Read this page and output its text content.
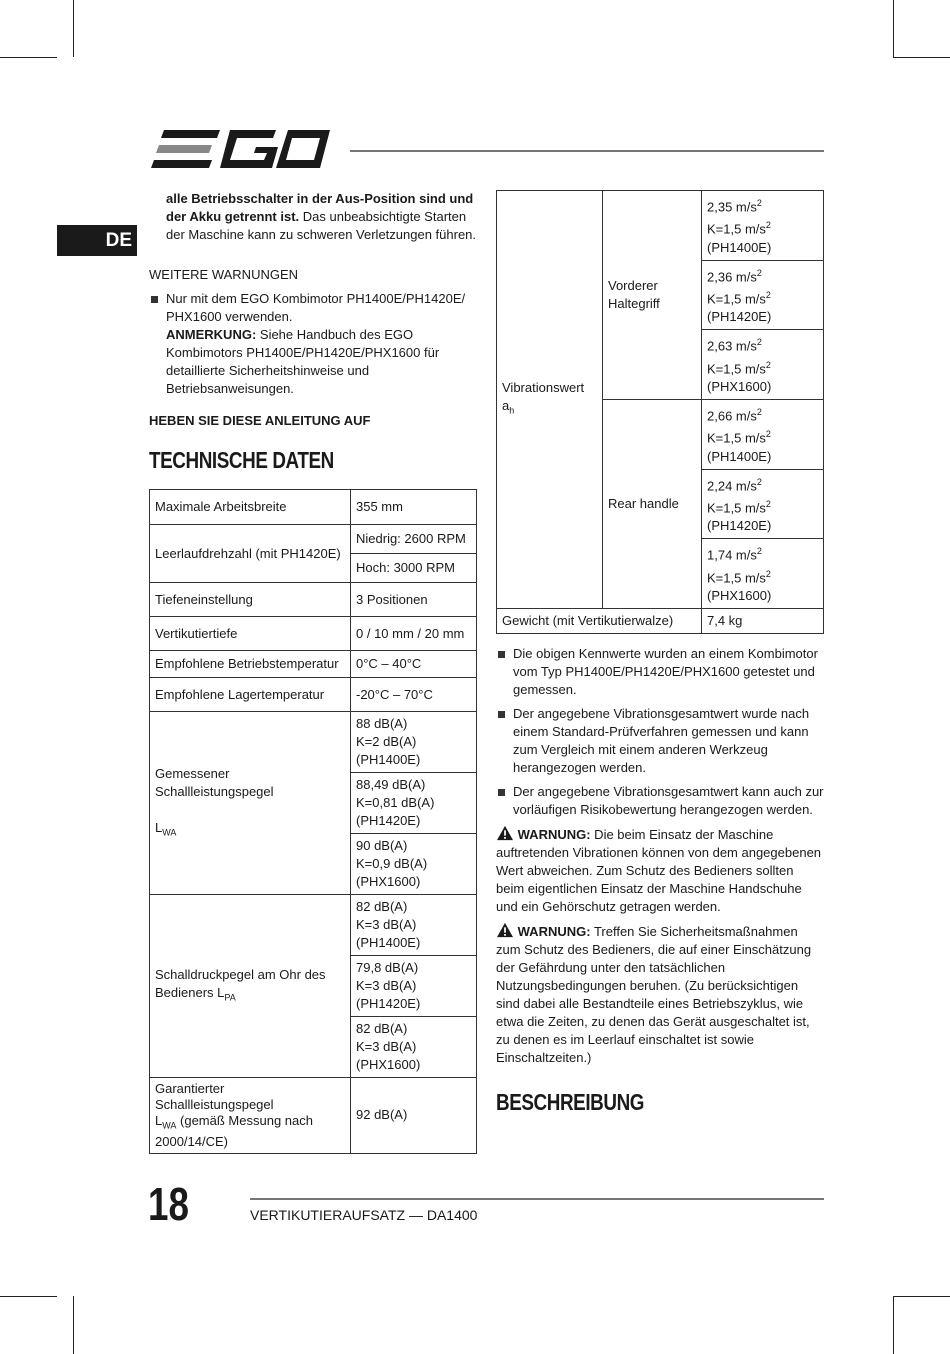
DE

alle Betriebsschalter in der Aus-Position sind und der Akku getrennt ist. Das unbeabsichtigte Starten der Maschine kann zu schweren Verletzungen führen.

WEITERE WARNUNGEN

Nur mit dem EGO Kombimotor PH1400E/PH1420E/ PHX1600 verwenden.
ANMERKUNG: Siehe Handbuch des EGO Kombimotors PH1400E/PH1420E/PHX1600 für detaillierte Sicherheitshinweise und Betriebsanweisungen.

HEBEN SIE DIESE ANLEITUNG AUF

TECHNISCHE DATEN
Maximale Arbeitsbreite	355 mm
Leerlaufdrehzahl (mit PH1420E)	Niedrig: 2600 RPM
	Hoch: 3000 RPM
Tiefeneinstellung	3 Positionen
Vertikutiertiefe	0 / 10 mm / 20 mm
Empfohlene Betriebstemperatur	0°C – 40°C
Empfohlene Lagertemperatur	-20°C – 70°C
Gemessener Schallleistungspegel

$L_{WA}$	88 dB(A)
K=2 dB(A)
(PH1400E)
	88,49 dB(A)
K=0,81 dB(A)
(PH1420E)
	90 dB(A)
K=0,9 dB(A)
(PHX1600)
Schalldruckpegel am Ohr des Bedieners $L_{PA}$	82 dB(A)
K=3 dB(A)
(PH1400E)
	79,8 dB(A)
K=3 dB(A)
(PH1420E)
	82 dB(A)
K=3 dB(A)
(PHX1600)
Garantierter Schallleistungspegel
$L_{WA}$ (gemäß Messung nach 2000/14/CE)	92 dB(A)
Vibrationswert
$a_h$	Vorderer Haltegriff	2,35 $m/s^2$
K=1,5 $m/s^2$
(PH1400E)
		2,36 $m/s^2$
K=1,5 $m/s^2$
(PH1420E)
		2,63 $m/s^2$
K=1,5 $m/s^2$
(PHX1600)
	Rear handle	2,66 $m/s^2$
K=1,5 $m/s^2$
(PH1400E)
		2,24 $m/s^2$
K=1,5 $m/s^2$
(PH1420E)
		1,74 $m/s^2$
K=1,5 $m/s^2$
(PHX1600)
Gewicht (mit Vertikutierwalze)		7,4 kg
Die obigen Kennwerte wurden an einem Kombimotor vom Typ PH1400E/PH1420E/PHX1600 getestet und gemessen.
Der angegebene Vibrationsgesamtwert wurde nach einem Standard-Prüfverfahren gemessen und kann zum Vergleich mit einem anderen Werkzeug herangezogen werden.
Der angegebene Vibrationsgesamtwert kann auch zur vorläufigen Risikobewertung herangezogen werden.

WARNUNG: Die beim Einsatz der Maschine auftretenden Vibrationen können von dem angegebenen Wert abweichen. Zum Schutz des Bedieners sollten beim eigentlichen Einsatz der Maschine Handschuhe und ein Gehörschutz getragen werden.

WARNUNG: Treffen Sie Sicherheitsmaßnahmen zum Schutz des Bedieners, die auf einer Einschätzung der Gefährdung unter den tatsächlichen Nutzungsbedingungen beruhen. (Zu berücksichtigen sind dabei alle Bestandteile eines Betriebszyklus, wie etwa die Zeiten, zu denen das Gerät ausgeschaltet ist, zu denen es im Leerlauf einschaltet ist sowie Einschaltzeiten.)

BESCHREIBUNG
18	VERTIKUTIERAUFSATZ — DA1400
